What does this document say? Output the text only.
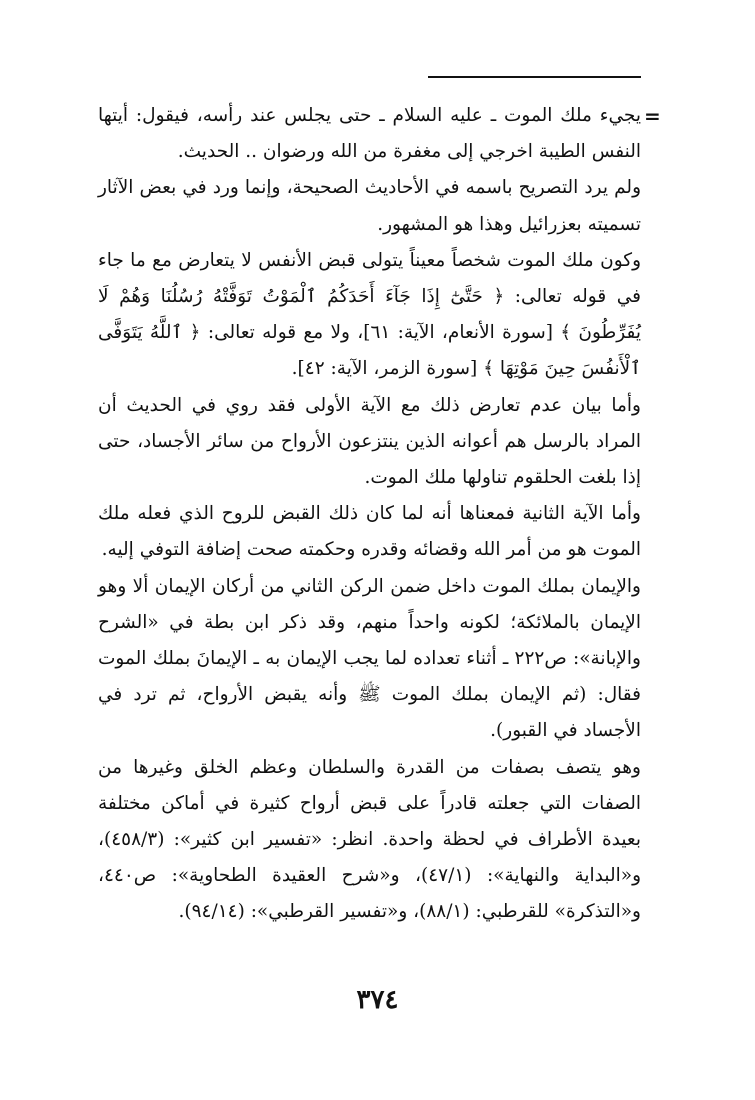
=

يجيء ملك الموت ـ عليه السلام ـ حتى يجلس عند رأسه، فيقول: أيتها النفس الطيبة اخرجي إلى مغفرة من الله ورضوان .. الحديث.

ولم يرد التصريح باسمه في الأحاديث الصحيحة، وإنما ورد في بعض الآثار تسميته بعزرائيل وهذا هو المشهور.

وكون ملك الموت شخصاً معيناً يتولى قبض الأنفس لا يتعارض مع ما جاء في قوله تعالى: ﴿ حَتَّىٰٓ إِذَا جَآءَ أَحَدَكُمُ ٱلْمَوْتُ تَوَفَّتْهُ رُسُلُنَا وَهُمْ لَا يُفَرِّطُونَ ﴾ [سورة الأنعام، الآية: ٦١]، ولا مع قوله تعالى: ﴿ ٱللَّهُ يَتَوَفَّى ٱلْأَنفُسَ حِينَ مَوْتِهَا ﴾ [سورة الزمر، الآية: ٤٢].

وأما بيان عدم تعارض ذلك مع الآية الأولى فقد روي في الحديث أن المراد بالرسل هم أعوانه الذين ينتزعون الأرواح من سائر الأجساد، حتى إذا بلغت الحلقوم تناولها ملك الموت.

وأما الآية الثانية فمعناها أنه لما كان ذلك القبض للروح الذي فعله ملك الموت هو من أمر الله وقضائه وقدره وحكمته صحت إضافة التوفي إليه.

والإيمان بملك الموت داخل ضمن الركن الثاني من أركان الإيمان ألا وهو الإيمان بالملائكة؛ لكونه واحداً منهم، وقد ذكر ابن بطة في «الشرح والإبانة»: ص٢٢٢ ـ أثناء تعداده لما يجب الإيمان به ـ الإيمانَ بملك الموت فقال: (ثم الإيمان بملك الموت ﷺ وأنه يقبض الأرواح، ثم ترد في الأجساد في القبور).

وهو يتصف بصفات من القدرة والسلطان وعظم الخلق وغيرها من الصفات التي جعلته قادراً على قبض أرواح كثيرة في أماكن مختلفة بعيدة الأطراف في لحظة واحدة. انظر: «تفسير ابن كثير»: (٤٥٨/٣)، و«البداية والنهاية»: (٤٧/١)، و«شرح العقيدة الطحاوية»: ص٤٤٠، و«التذكرة» للقرطبي: (٨٨/١)، و«تفسير القرطبي»: (٩٤/١٤).

٣٧٤
